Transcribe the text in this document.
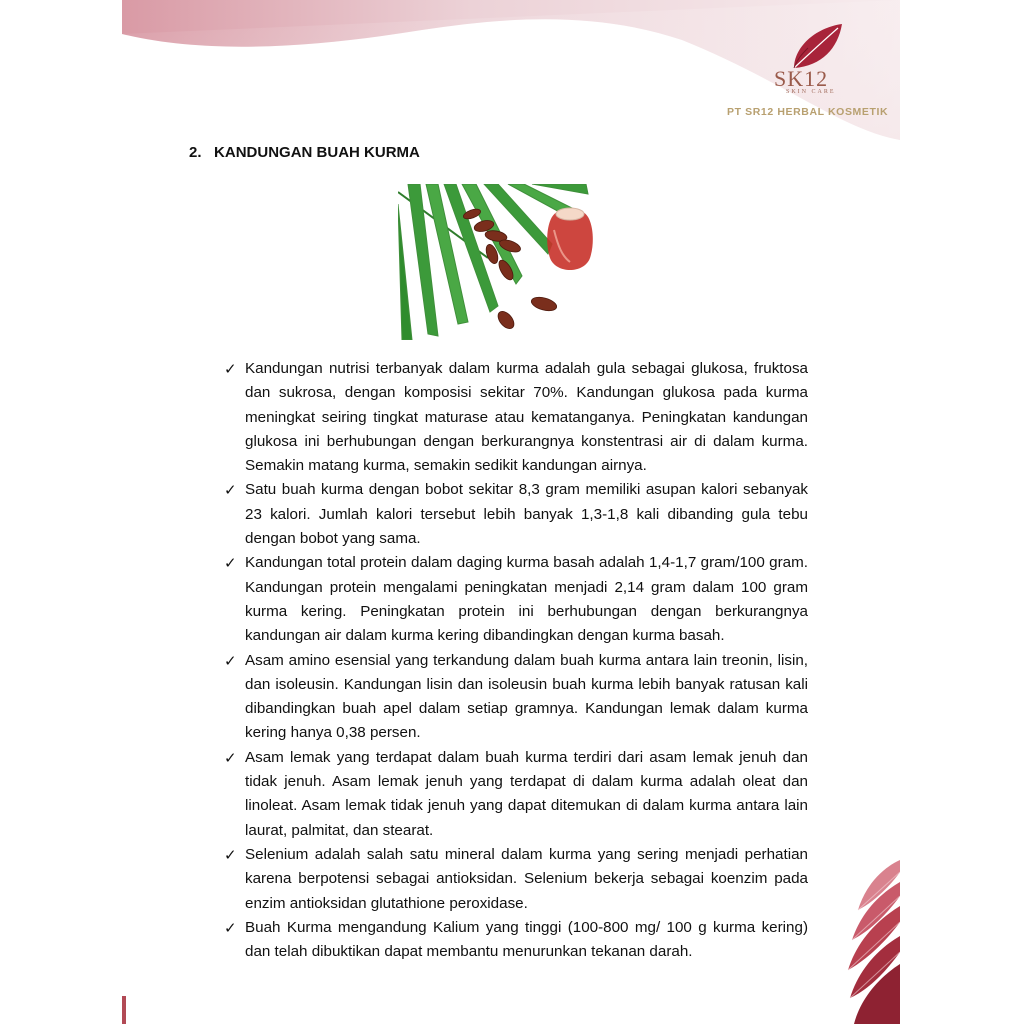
SK12
SKIN CARE
PT SR12 HERBAL KOSMETIK
2. KANDUNGAN BUAH KURMA
✓ Kandungan nutrisi terbanyak dalam kurma adalah gula sebagai glukosa, fruktosa dan sukrosa, dengan komposisi sekitar 70%. Kandungan glukosa pada kurma meningkat seiring tingkat maturase atau kematanganya. Peningkatan kandungan glukosa ini berhubungan dengan berkurangnya konstentrasi air di dalam kurma. Semakin matang kurma, semakin sedikit kandungan airnya.
✓ Satu buah kurma dengan bobot sekitar 8,3 gram memiliki asupan kalori sebanyak 23 kalori. Jumlah kalori tersebut lebih banyak 1,3-1,8 kali dibanding gula tebu dengan bobot yang sama.
✓ Kandungan total protein dalam daging kurma basah adalah 1,4-1,7 gram/100 gram. Kandungan protein mengalami peningkatan menjadi 2,14 gram dalam 100 gram kurma kering. Peningkatan protein ini berhubungan dengan berkurangnya kandungan air dalam kurma kering dibandingkan dengan kurma basah.
✓ Asam amino esensial yang terkandung dalam buah kurma antara lain treonin, lisin, dan isoleusin. Kandungan lisin dan isoleusin buah kurma lebih banyak ratusan kali dibandingkan buah apel dalam setiap gramnya. Kandungan lemak dalam kurma kering hanya 0,38 persen.
✓ Asam lemak yang terdapat dalam buah kurma terdiri dari asam lemak jenuh dan tidak jenuh. Asam lemak jenuh yang terdapat di dalam kurma adalah oleat dan linoleat. Asam lemak tidak jenuh yang dapat ditemukan di dalam kurma antara lain laurat, palmitat, dan stearat.
✓ Selenium adalah salah satu mineral dalam kurma yang sering menjadi perhatian karena berpotensi sebagai antioksidan. Selenium bekerja sebagai koenzim pada enzim antioksidan glutathione peroxidase.
✓ Buah Kurma mengandung Kalium yang tinggi (100-800 mg/ 100 g kurma kering) dan telah dibuktikan dapat membantu menurunkan tekanan darah.
